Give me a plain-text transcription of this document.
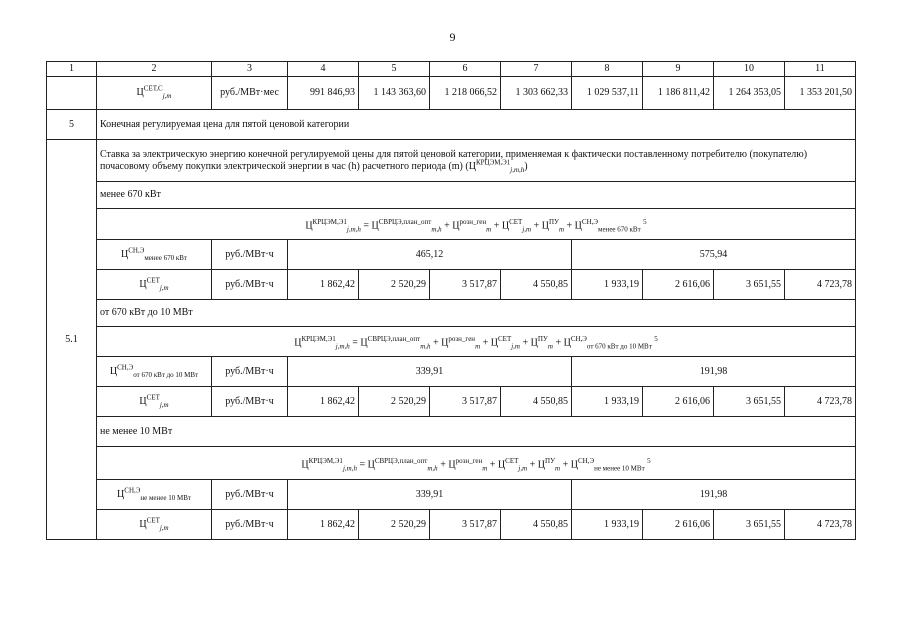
9
1	2	3	4	5	6	7	8	9	10	11
	$Ц^{СЕТ,С}_{j,m}$	руб./МВт·мес	991 846,93	1 143 363,60	1 218 066,52	1 303 662,33	1 029 537,11	1 186 811,42	1 264 353,05	1 353 201,50
5	Конечная регулируемая цена для пятой ценовой категории									
5.1	Ставка за электрическую энергию конечной регулируемой цены для пятой ценовой категории, применяемая к фактически поставленному потребителю (покупателю) почасовому объему покупки электрической энергии в час (h) расчетного периода (m) $(Ц^{КРЦЭМ,Э1}_{j,m,h})$									
	менее 670 кВт									
	$Ц^{КРЦЭМ,Э1}_{j,m,h} = Ц^{СВРЦЭ,план\_опт}_{m,h} + Ц^{розн\_ген}_m + Ц^{СЕТ}_{j,m} + Ц^{ПУ}_m + Ц^{СН,Э}_{менее 670 кВт}$ $^5$
	$Ц^{СН,Э}_{менее 670 кВт}$	руб./МВт·ч	465,12				575,94			
	$Ц^{СЕТ}_{j,m}$	руб./МВт·ч	1 862,42	2 520,29	3 517,87	4 550,85	1 933,19	2 616,06	3 651,55	4 723,78
	от 670 кВт до 10 МВт									
	$Ц^{КРЦЭМ,Э1}_{j,m,h} = Ц^{СВРЦЭ,план\_опт}_{m,h} + Ц^{розн\_ген}_m + Ц^{СЕТ}_{j,m} + Ц^{ПУ}_m + Ц^{СН,Э}_{от 670 кВт до 10 МВт}$ $^5$
	$Ц^{СН,Э}_{от 670 кВт до 10 МВт}$	руб./МВт·ч	339,91				191,98			
	$Ц^{СЕТ}_{j,m}$	руб./МВт·ч	1 862,42	2 520,29	3 517,87	4 550,85	1 933,19	2 616,06	3 651,55	4 723,78
	не менее 10 МВт									
	$Ц^{КРЦЭМ,Э1}_{j,m,h} = Ц^{СВРЦЭ,план\_опт}_{m,h} + Ц^{розн\_ген}_m + Ц^{СЕТ}_{j,m} + Ц^{ПУ}_m + Ц^{СН,Э}_{не менее 10 МВт}$ $^5$
	$Ц^{СН,Э}_{не менее 10 МВт}$	руб./МВт·ч	339,91				191,98			
	$Ц^{СЕТ}_{j,m}$	руб./МВт·ч	1 862,42	2 520,29	3 517,87	4 550,85	1 933,19	2 616,06	3 651,55	4 723,78
